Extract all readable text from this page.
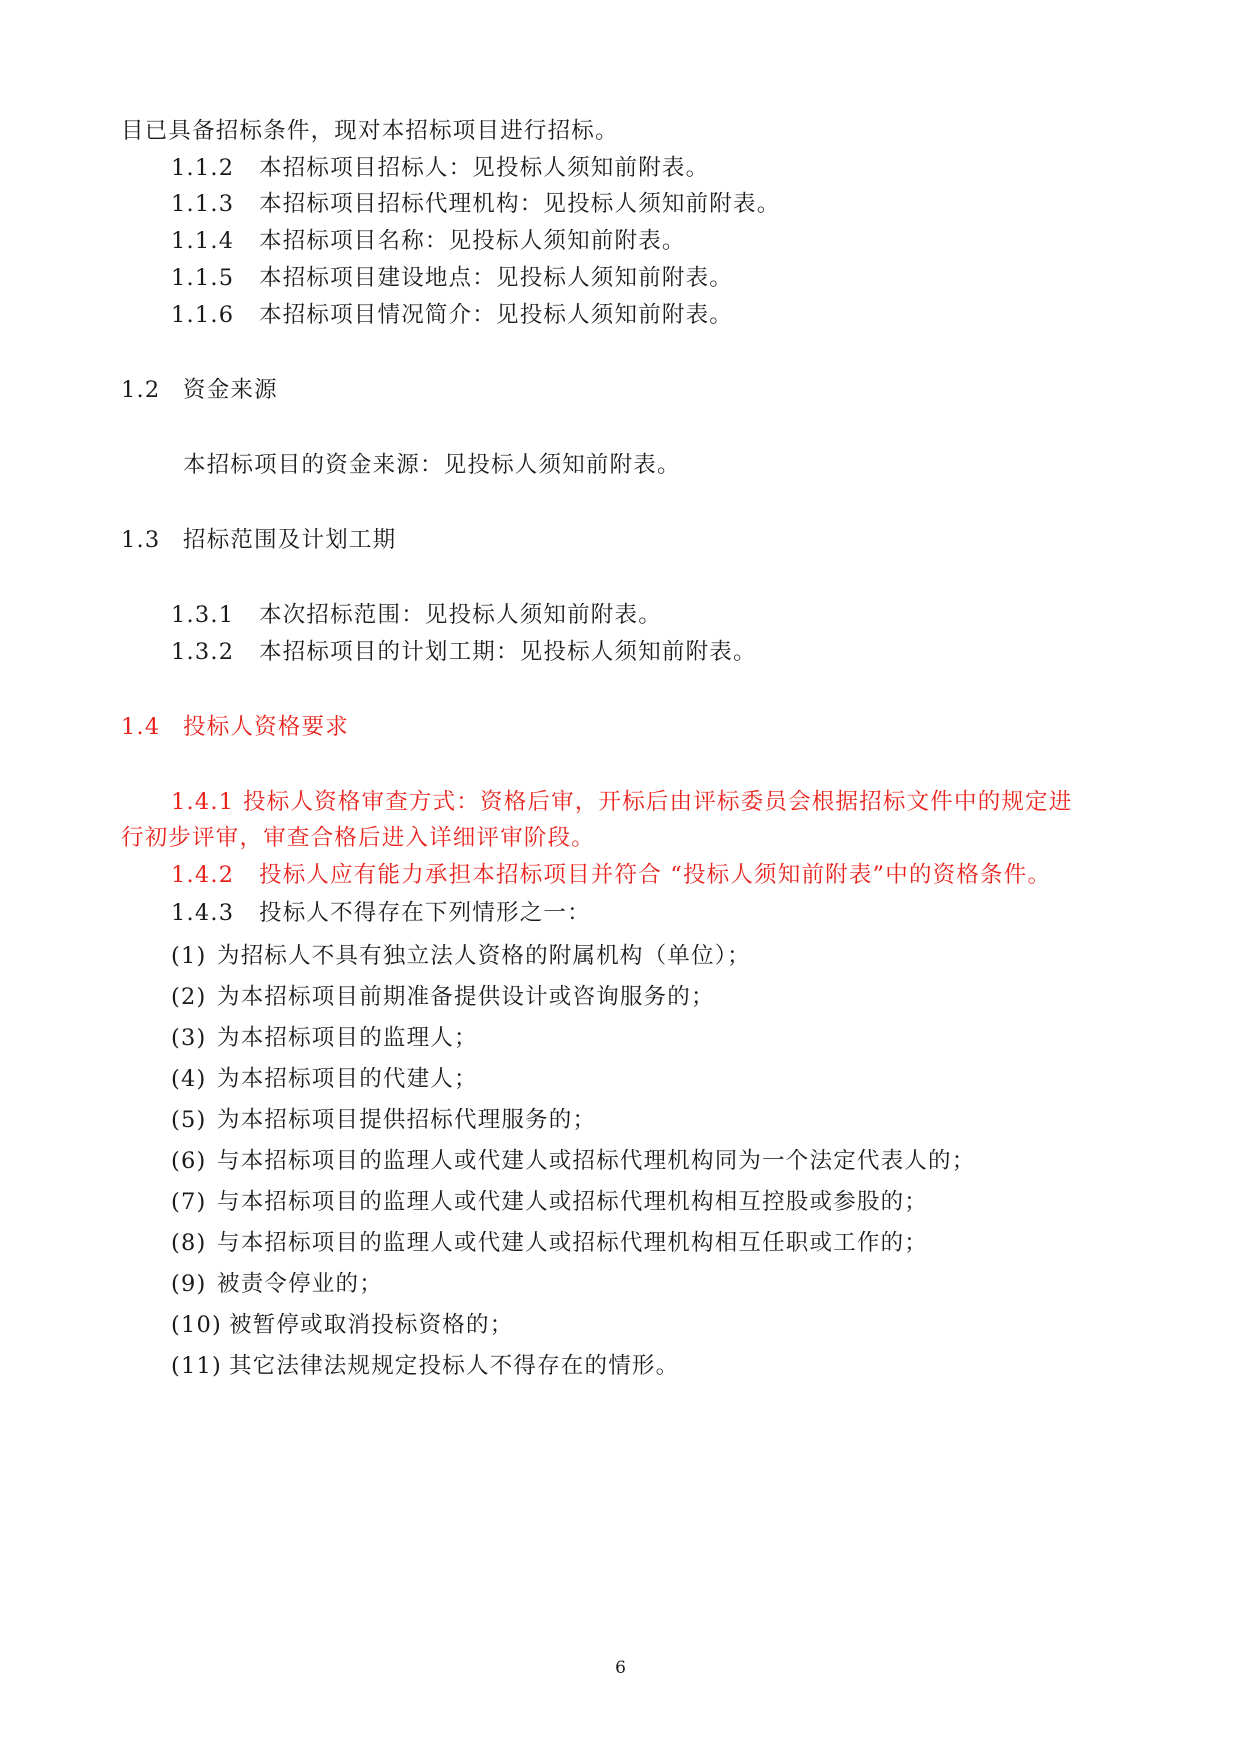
目已具备招标条件，现对本招标项目进行招标。
1.1.2 本招标项目招标人：见投标人须知前附表。
1.1.3 本招标项目招标代理机构：见投标人须知前附表。
1.1.4 本招标项目名称：见投标人须知前附表。
1.1.5 本招标项目建设地点：见投标人须知前附表。
1.1.6 本招标项目情况简介：见投标人须知前附表。
1.2 资金来源
本招标项目的资金来源：见投标人须知前附表。
1.3 招标范围及计划工期
1.3.1 本次招标范围：见投标人须知前附表。
1.3.2 本招标项目的计划工期：见投标人须知前附表。
1.4 投标人资格要求
1.4.1 投标人资格审查方式：资格后审，开标后由评标委员会根据招标文件中的规定进
行初步评审，审查合格后进入详细评审阶段。
1.4.2 投标人应有能力承担本招标项目并符合 “投标人须知前附表”中的资格条件。
1.4.3 投标人不得存在下列情形之一：
(1) 为招标人不具有独立法人资格的附属机构（单位）；
(2) 为本招标项目前期准备提供设计或咨询服务的；
(3) 为本招标项目的监理人；
(4) 为本招标项目的代建人；
(5) 为本招标项目提供招标代理服务的；
(6) 与本招标项目的监理人或代建人或招标代理机构同为一个法定代表人的；
(7) 与本招标项目的监理人或代建人或招标代理机构相互控股或参股的；
(8) 与本招标项目的监理人或代建人或招标代理机构相互任职或工作的；
(9) 被责令停业的；
(10) 被暂停或取消投标资格的；
(11) 其它法律法规规定投标人不得存在的情形。
6
